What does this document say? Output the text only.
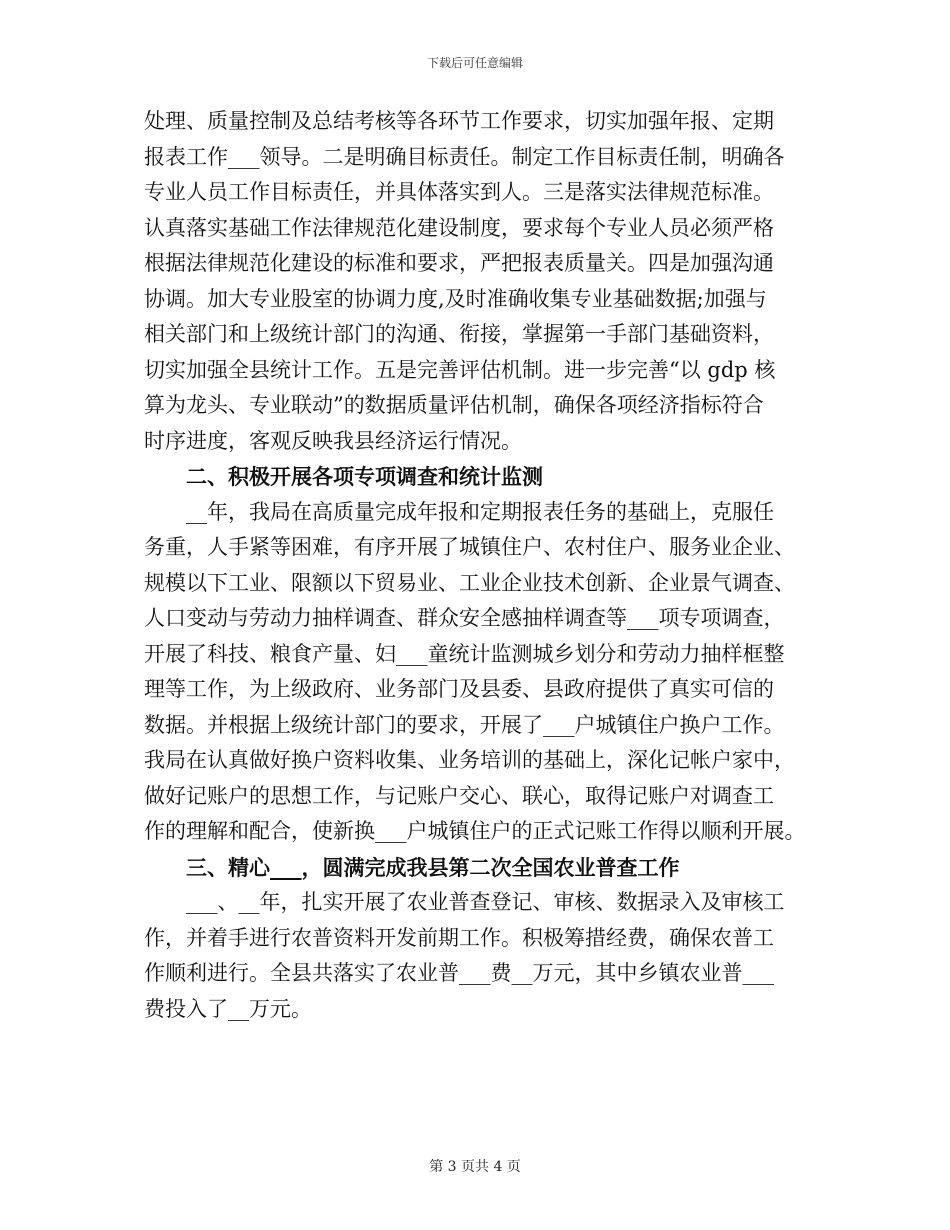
下载后可任意编辑
处理、质量控制及总结考核等各环节工作要求，切实加强年报、定期
报表工作___领导。二是明确目标责任。制定工作目标责任制，明确各
专业人员工作目标责任，并具体落实到人。三是落实法律规范标准。
认真落实基础工作法律规范化建设制度，要求每个专业人员必须严格
根据法律规范化建设的标准和要求，严把报表质量关。四是加强沟通
协调。加大专业股室的协调力度,及时准确收集专业基础数据;加强与
相关部门和上级统计部门的沟通、衔接，掌握第一手部门基础资料，
切实加强全县统计工作。五是完善评估机制。进一步完善“以 gdp 核
算为龙头、专业联动”的数据质量评估机制，确保各项经济指标符合
时序进度，客观反映我县经济运行情况。
二、积极开展各项专项调查和统计监测
__年，我局在高质量完成年报和定期报表任务的基础上，克服任
务重，人手紧等困难，有序开展了城镇住户、农村住户、服务业企业、
规模以下工业、限额以下贸易业、工业企业技术创新、企业景气调查、
人口变动与劳动力抽样调查、群众安全感抽样调查等___项专项调查，
开展了科技、粮食产量、妇___童统计监测城乡划分和劳动力抽样框整
理等工作，为上级政府、业务部门及县委、县政府提供了真实可信的
数据。并根据上级统计部门的要求，开展了___户城镇住户换户工作。
我局在认真做好换户资料收集、业务培训的基础上，深化记帐户家中，
做好记账户的思想工作，与记账户交心、联心，取得记账户对调查工
作的理解和配合，使新换___户城镇住户的正式记账工作得以顺利开展。
三、精心___，圆满完成我县第二次全国农业普查工作
___、__年，扎实开展了农业普查登记、审核、数据录入及审核工
作，并着手进行农普资料开发前期工作。积极筹措经费，确保农普工
作顺利进行。全县共落实了农业普___费__万元，其中乡镇农业普___
费投入了__万元。
第 3 页共 4 页
